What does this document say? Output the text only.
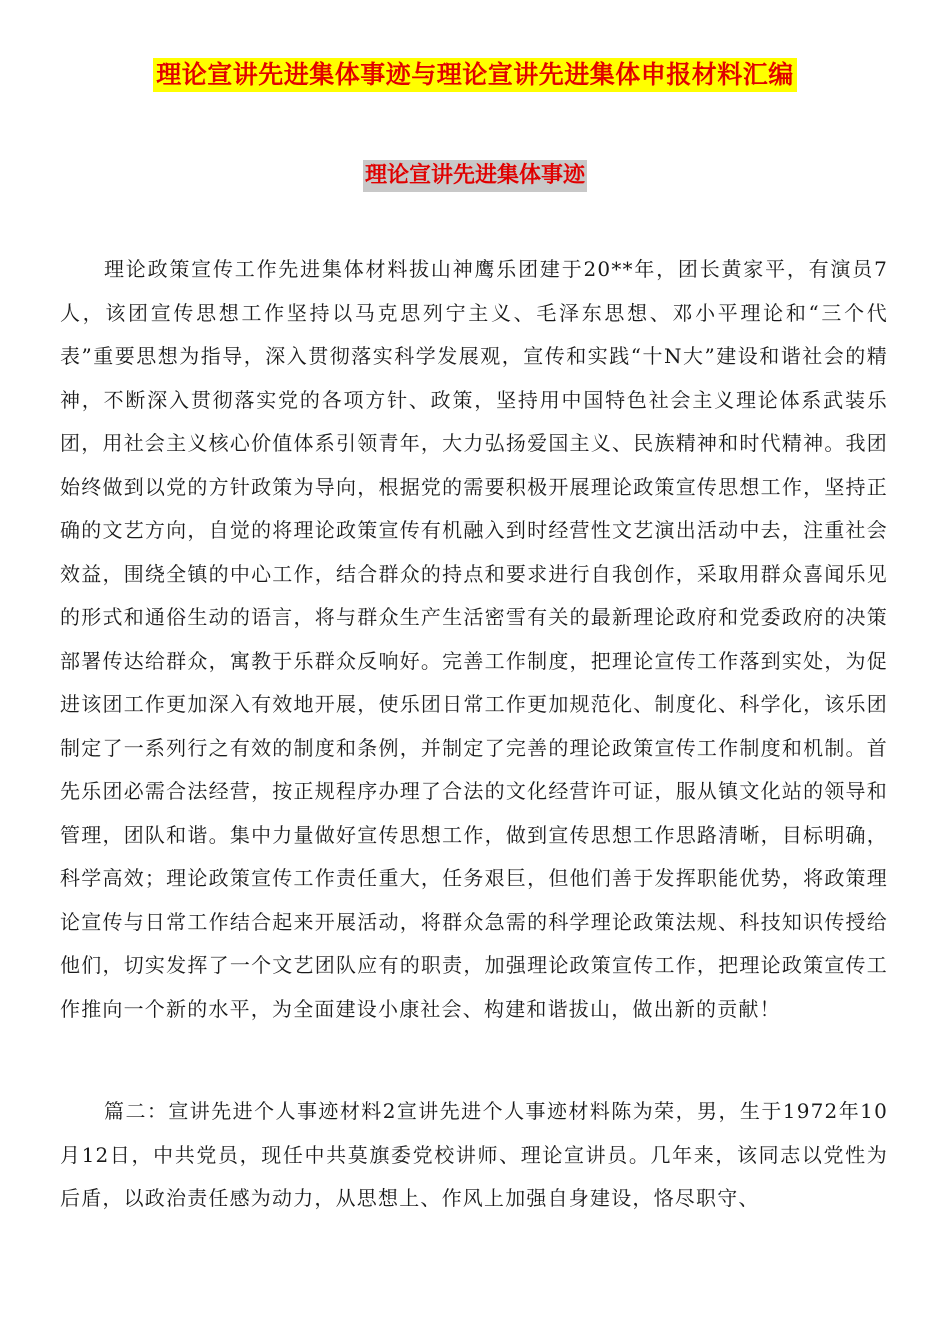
理论宣讲先进集体事迹与理论宣讲先进集体申报材料汇编
理论宣讲先进集体事迹

理论政策宣传工作先进集体材料拔山神鹰乐团建于20**年，团长黄家平，有演员7人，该团宣传思想工作坚持以马克思列宁主义、毛泽东思想、邓小平理论和“三个代表”重要思想为指导，深入贯彻落实科学发展观，宣传和实践“十N大”建设和谐社会的精神，不断深入贯彻落实党的各项方针、政策，坚持用中国特色社会主义理论体系武装乐团，用社会主义核心价值体系引领青年，大力弘扬爱国主义、民族精神和时代精神。我团始终做到以党的方针政策为导向，根据党的需要积极开展理论政策宣传思想工作，坚持正确的文艺方向，自觉的将理论政策宣传有机融入到时经营性文艺演出活动中去，注重社会效益，围绕全镇的中心工作，结合群众的持点和要求进行自我创作，采取用群众喜闻乐见的形式和通俗生动的语言，将与群众生产生活密雪有关的最新理论政府和党委政府的决策部署传达给群众，寓教于乐群众反响好。完善工作制度，把理论宣传工作落到实处，为促进该团工作更加深入有效地开展，使乐团日常工作更加规范化、制度化、科学化，该乐团制定了一系列行之有效的制度和条例，并制定了完善的理论政策宣传工作制度和机制。首先乐团必需合法经营，按正规程序办理了合法的文化经营许可证，服从镇文化站的领导和管理，团队和谐。集中力量做好宣传思想工作，做到宣传思想工作思路清晰，目标明确，科学高效；理论政策宣传工作责任重大，任务艰巨，但他们善于发挥职能优势，将政策理论宣传与日常工作结合起来开展活动，将群众急需的科学理论政策法规、科技知识传授给他们，切实发挥了一个文艺团队应有的职责，加强理论政策宣传工作，把理论政策宣传工作推向一个新的水平，为全面建设小康社会、构建和谐拔山，做出新的贡献！

篇二：宣讲先进个人事迹材料2宣讲先进个人事迹材料陈为荣，男，生于1972年10月12日，中共党员，现任中共莫旗委党校讲师、理论宣讲员。几年来，该同志以党性为后盾，以政治责任感为动力，从思想上、作风上加强自身建设，恪尽职守、
